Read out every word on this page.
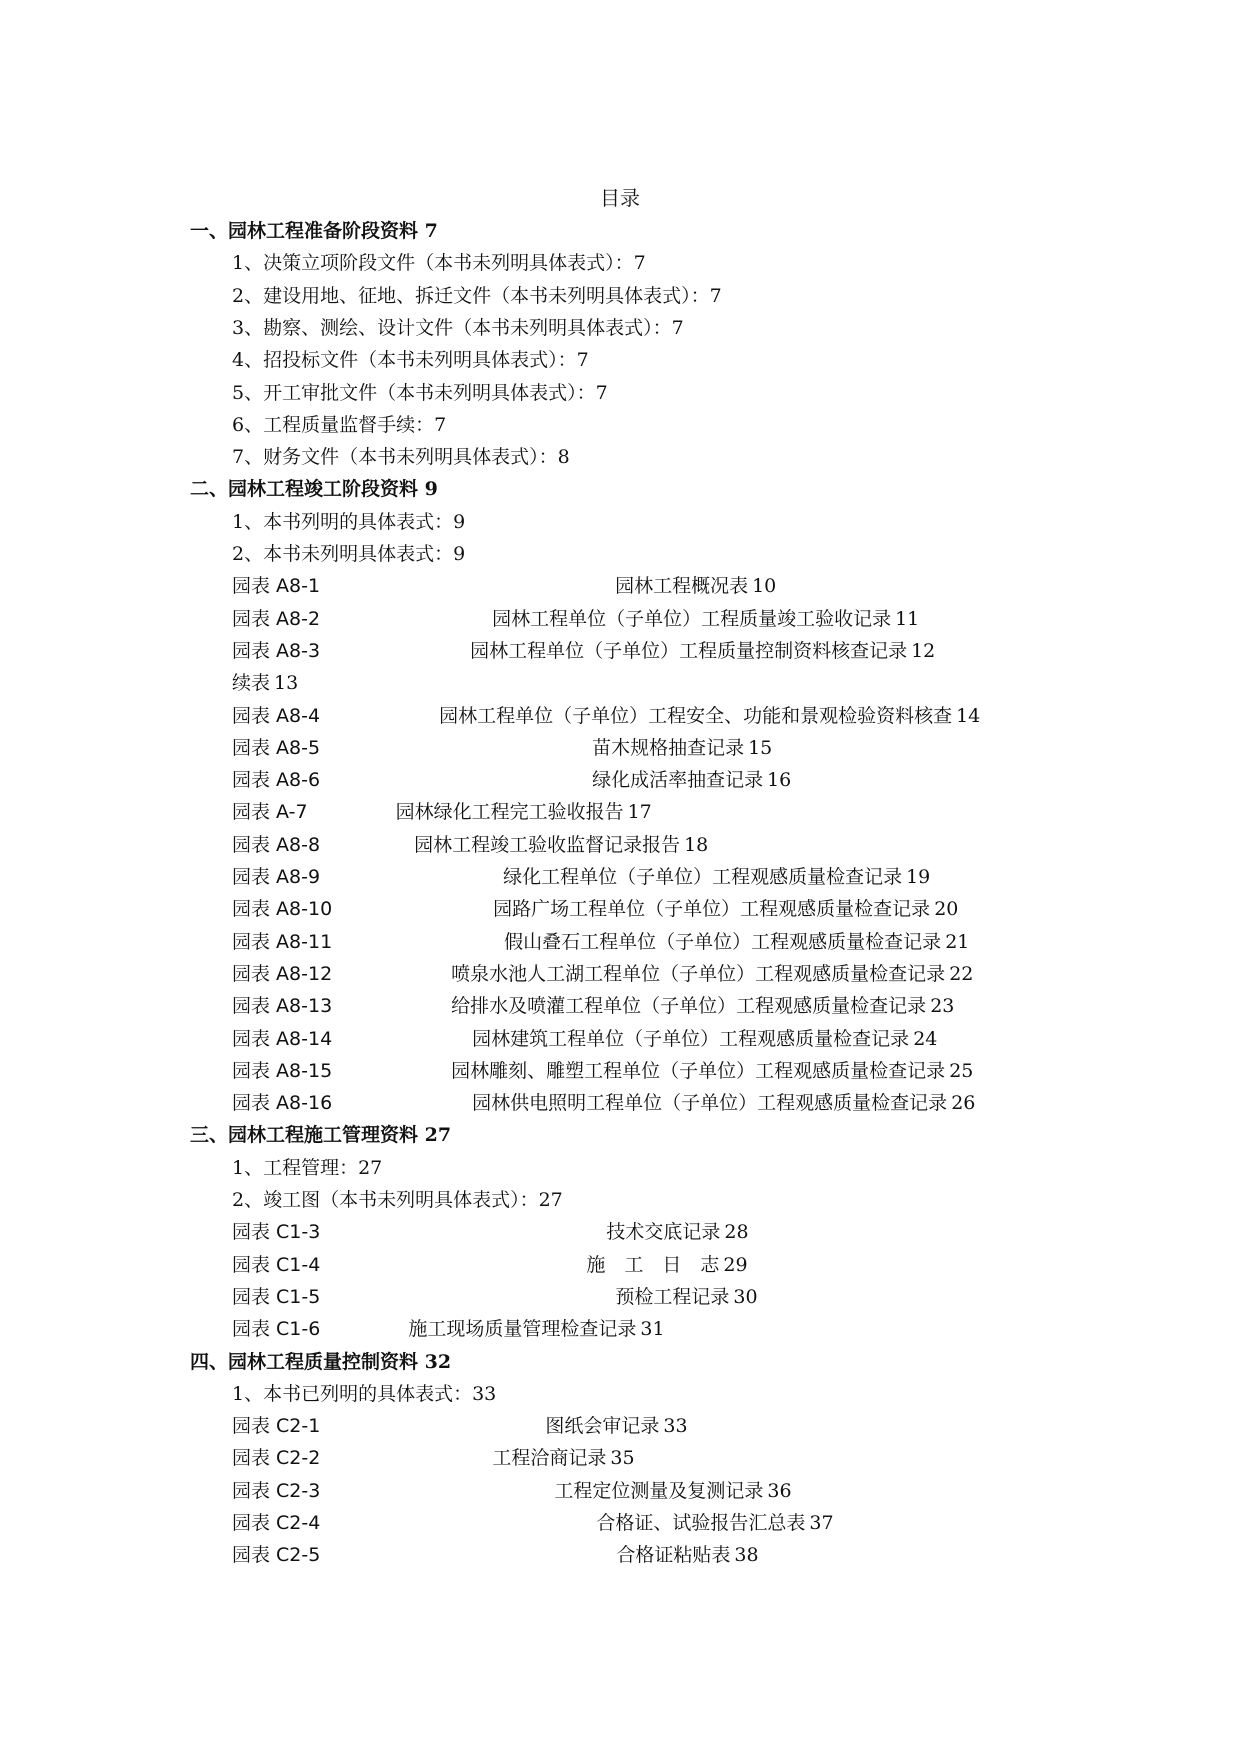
目录
一、园林工程准备阶段资料 7
1、决策立项阶段文件（本书未列明具体表式）：7
2、建设用地、征地、拆迁文件（本书未列明具体表式）：7
3、勘察、测绘、设计文件（本书未列明具体表式）：7
4、招投标文件（本书未列明具体表式）：7
5、开工审批文件（本书未列明具体表式）：7
6、工程质量监督手续：7
7、财务文件（本书未列明具体表式）：8
二、园林工程竣工阶段资料 9
1、本书列明的具体表式：9
2、本书未列明具体表式：9
园表 A8-1	园林工程概况表 10
园表 A8-2	园林工程单位（子单位）工程质量竣工验收记录 11
园表 A8-3	园林工程单位（子单位）工程质量控制资料核查记录 12
续表 13
园表 A8-4	园林工程单位（子单位）工程安全、功能和景观检验资料核查 14
园表 A8-5	苗木规格抽查记录 15
园表 A8-6	绿化成活率抽查记录 16
园表 A-7	园林绿化工程完工验收报告 17
园表 A8-8	园林工程竣工验收监督记录报告 18
园表 A8-9	绿化工程单位（子单位）工程观感质量检查记录 19
园表 A8-10	园路广场工程单位（子单位）工程观感质量检查记录 20
园表 A8-11	假山叠石工程单位（子单位）工程观感质量检查记录 21
园表 A8-12	喷泉水池人工湖工程单位（子单位）工程观感质量检查记录 22
园表 A8-13	给排水及喷灌工程单位（子单位）工程观感质量检查记录 23
园表 A8-14	园林建筑工程单位（子单位）工程观感质量检查记录 24
园表 A8-15	园林雕刻、雕塑工程单位（子单位）工程观感质量检查记录 25
园表 A8-16	园林供电照明工程单位（子单位）工程观感质量检查记录 26
三、园林工程施工管理资料 27
1、工程管理：27
2、竣工图（本书未列明具体表式）：27
园表 C1-3	技术交底记录 28
园表 C1-4	施　工　日　志 29
园表 C1-5	预检工程记录 30
园表 C1-6	施工现场质量管理检查记录 31
四、园林工程质量控制资料 32
1、本书已列明的具体表式：33
园表 C2-1	图纸会审记录 33
园表 C2-2	工程洽商记录 35
园表 C2-3	工程定位测量及复测记录 36
园表 C2-4	合格证、试验报告汇总表 37
园表 C2-5	合格证粘贴表 38
